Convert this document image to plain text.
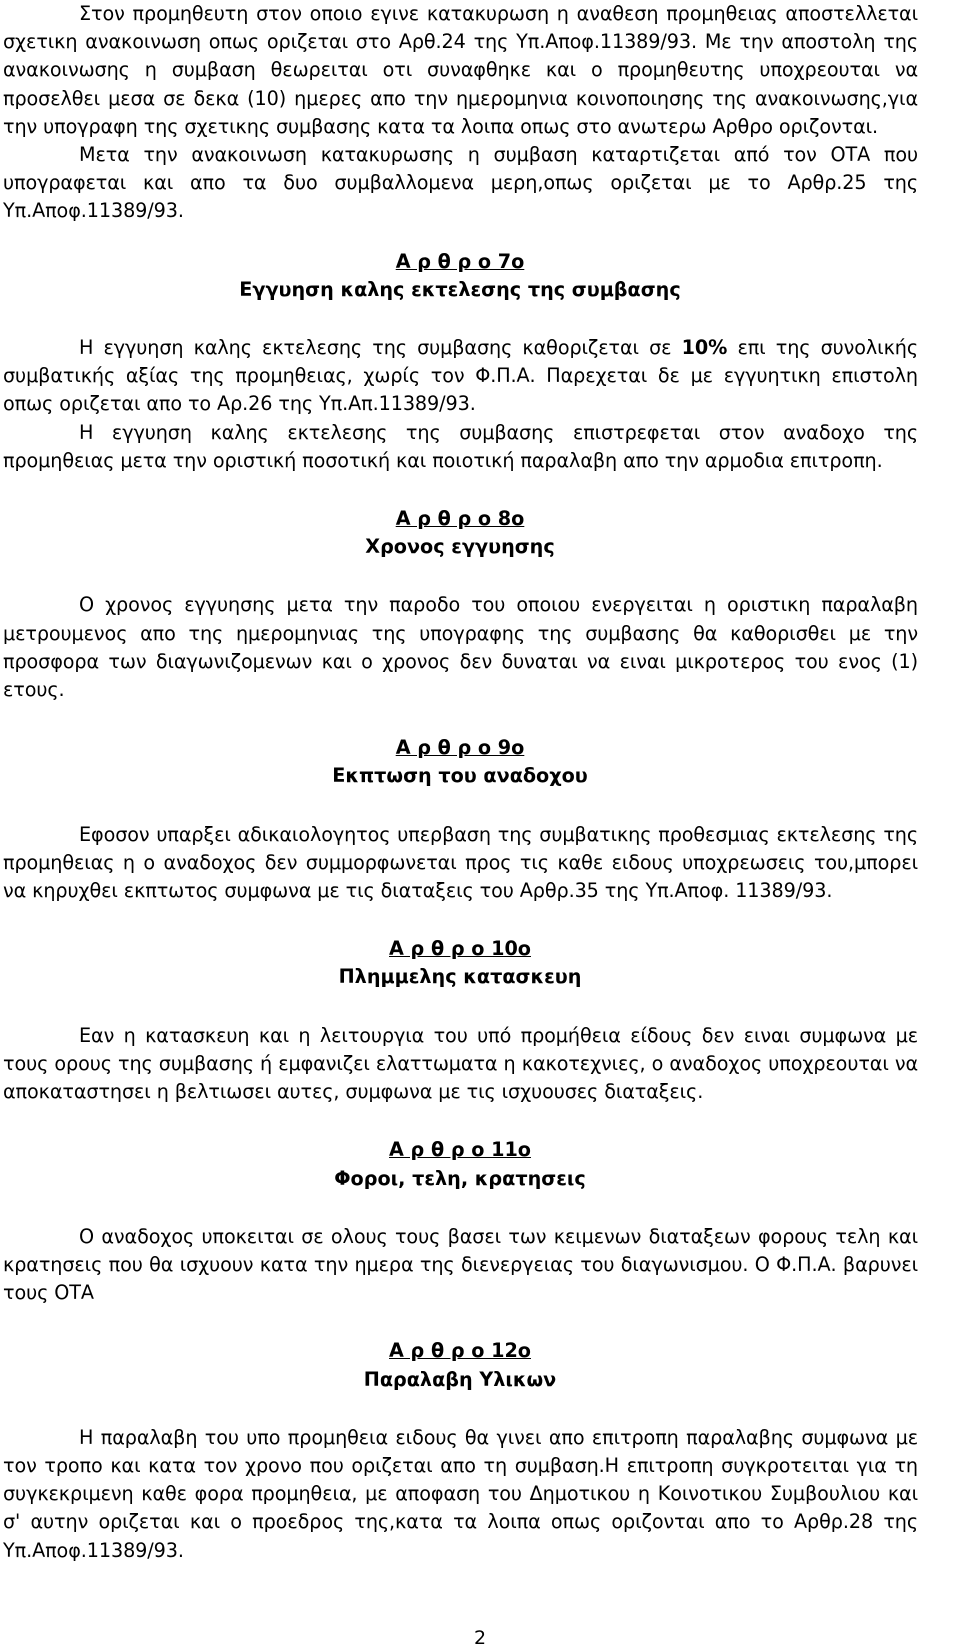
Στον προμηθευτη στον οποιο εγινε κατακυρωση η αναθεση προμηθειας αποστελλεται σχετικη ανακοινωση οπως οριζεται στο Αρθ.24 της Υπ.Αποφ.11389/93. Με την αποστολη της ανακοινωσης η συμβαση θεωρειται οτι συναφθηκε και ο προμηθευτης υποχρεουται να προσελθει μεσα σε δεκα (10) ημερες απο την ημερομηνια κοινοποιησης της ανακοινωσης,για την υπογραφη της σχετικης συμβασης κατα τα λοιπα οπως στο ανωτερω Αρθρο οριζονται.

Μετα την ανακοινωση κατακυρωσης η συμβαση καταρτιζεται από τον ΟΤΑ που υπογραφεται και απο τα δυο συμβαλλομενα μερη,οπως οριζεται με το Αρθρ.25 της Υπ.Αποφ.11389/93.

Α ρ θ ρ ο 7ο
Εγγυηση καλης εκτελεσης της συμβασης

Η εγγυηση καλης εκτελεσης της συμβασης καθοριζεται σε 10% επι της συνολικής συμβατικής αξίας της προμηθειας, χωρίς τον Φ.Π.Α. Παρεχεται δε με εγγυητικη επιστολη οπως οριζεται απο το Αρ.26 της Υπ.Απ.11389/93.

Η εγγυηση καλης εκτελεσης της συμβασης επιστρεφεται στον αναδοχο της προμηθειας μετα την οριστική ποσοτική και ποιοτική παραλαβη απο την αρμοδια επιτροπη.

Α ρ θ ρ ο 8ο
Χρονος εγγυησης

Ο χρονος εγγυησης μετα την παροδο του οποιου ενεργειται η οριστικη παραλαβη μετρουμενος απο της ημερομηνιας της υπογραφης της συμβασης θα καθορισθει με την προσφορα των διαγωνιζομενων και ο χρονος δεν δυναται να ειναι μικροτερος του ενος (1) ετους.

Α ρ θ ρ ο 9ο
Εκπτωση του αναδοχου

Εφοσον υπαρξει αδικαιολογητος υπερβαση της συμβατικης προθεσμιας εκτελεσης της προμηθειας η ο αναδοχος δεν συμμορφωνεται προς τις καθε ειδους υποχρεωσεις του,μπορει να κηρυχθει εκπτωτος συμφωνα με τις διαταξεις του Αρθρ.35 της Υπ.Αποφ. 11389/93.

Α ρ θ ρ ο 10ο
Πλημμελης κατασκευη

Εαν η κατασκευη και η λειτουργια του υπό προμήθεια είδους δεν ειναι συμφωνα με τους ορους της συμβασης ή εμφανιζει ελαττωματα η κακοτεχνιες, ο αναδοχος υποχρεουται να αποκαταστησει η βελτιωσει αυτες, συμφωνα με τις ισχυουσες διαταξεις.

Α ρ θ ρ ο 11ο
Φοροι, τελη, κρατησεις

Ο αναδοχος υποκειται σε ολους τους βασει των κειμενων διαταξεων φορους τελη και κρατησεις που θα ισχυουν κατα την ημερα της διενεργειας του διαγωνισμου. Ο Φ.Π.Α. βαρυνει τους ΟΤΑ

Α ρ θ ρ ο 12ο
Παραλαβη Υλικων

Η παραλαβη του υπο προμηθεια ειδους θα γινει απο επιτροπη παραλαβης συμφωνα με τον τροπο και κατα τον χρονο που οριζεται απο τη συμβαση.Η επιτροπη συγκροτειται για τη συγκεκριμενη καθε φορα προμηθεια, με αποφαση του Δημοτικου η Κοινοτικου Συμβουλιου και σ' αυτην οριζεται και ο προεδρος της,κατα τα λοιπα οπως οριζονται απο το Αρθρ.28 της Υπ.Αποφ.11389/93.

2
